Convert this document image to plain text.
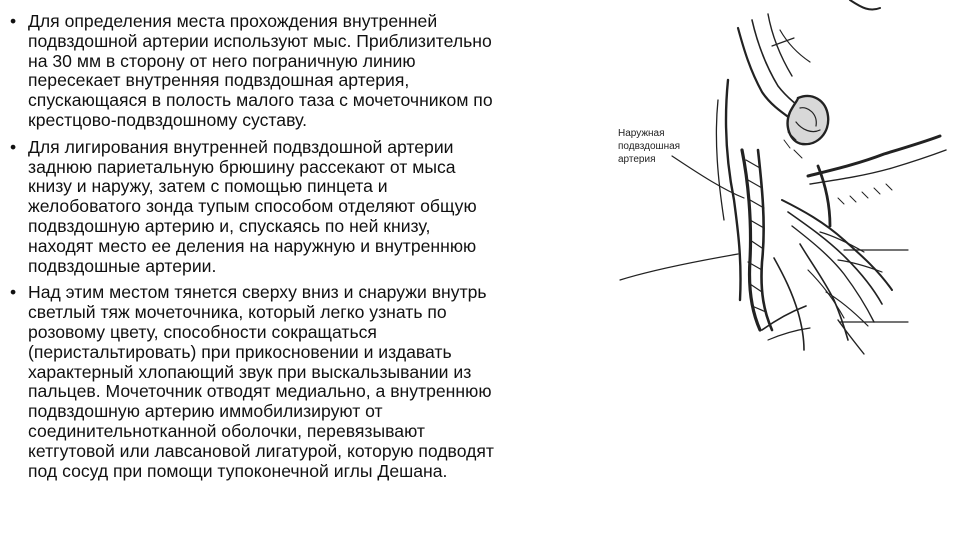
• Для определения места прохождения внутренней
подвздошной артерии используют мыс. Приблизительно
на 30 мм в сторону от него пограничную линию
пересекает внутренняя подвздошная артерия,
спускающаяся в полость малого таза с мочеточником по
крестцово-подвздошному суставу.
• Для лигирования внутренней подвздошной артерии
заднюю париетальную брюшину рассекают от мыса
книзу и наружу, затем с помощью пинцета и
желобоватого зонда тупым способом отделяют общую
подвздошную артерию и, спускаясь по ней книзу,
находят место ее деления на наружную и внутреннюю
подвздошные артерии.
• Над этим местом тянется сверху вниз и снаружи внутрь
светлый тяж мочеточника, который легко узнать по
розовому цвету, способности сокращаться
(перистальтировать) при прикосновении и издавать
характерный хлопающий звук при выскальзывании из
пальцев. Мочеточник отводят медиально, а внутреннюю
подвздошную артерию иммобилизируют от
соединительнотканной оболочки, перевязывают
кетгутовой или лавсановой лигатурой, которую подводят
под сосуд при помощи тупоконечной иглы Дешана.
Наружная
подвздошная
артерия
